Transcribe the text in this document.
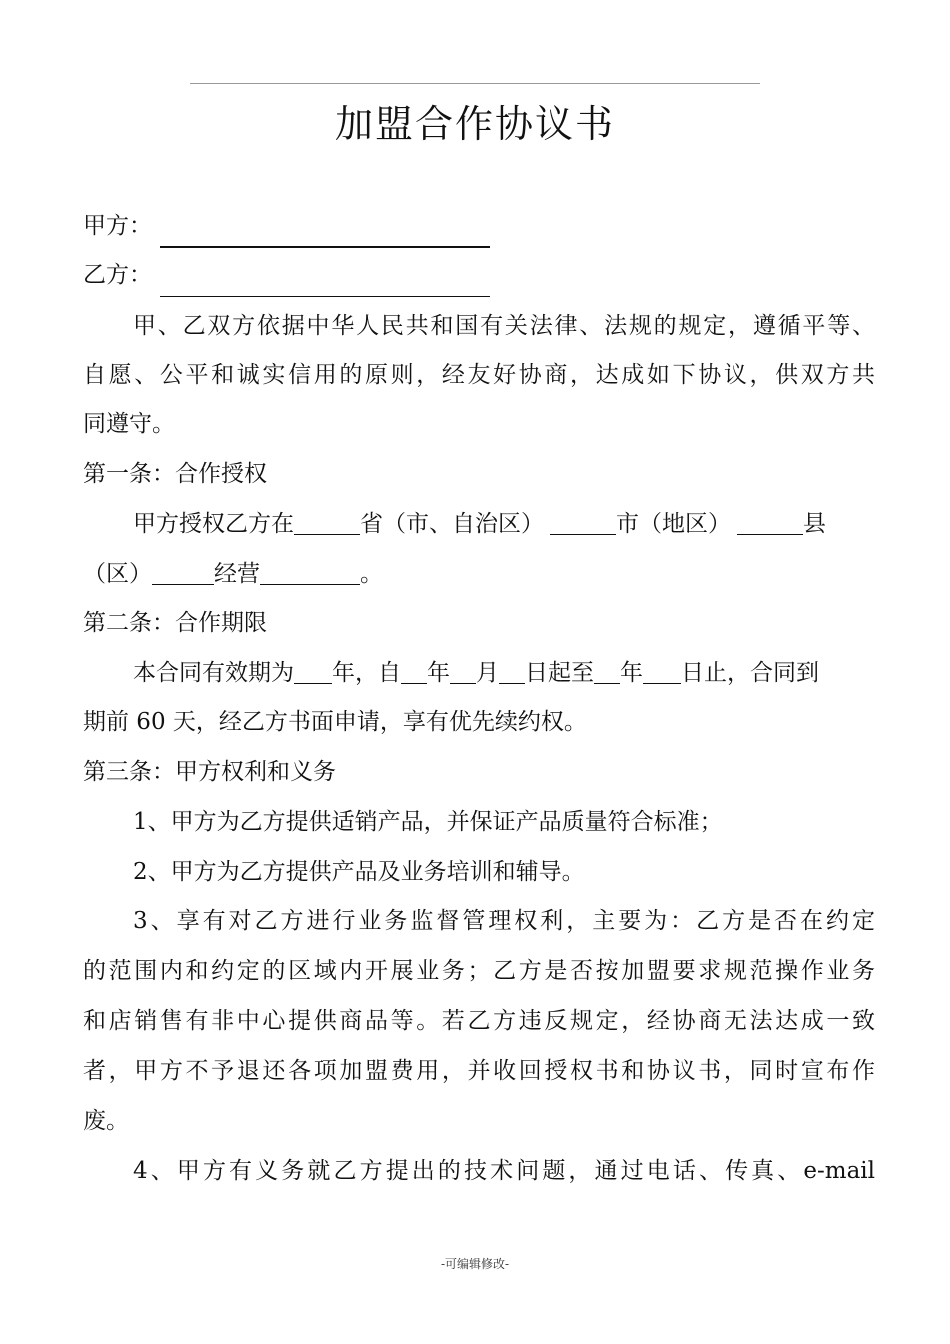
加盟合作协议书
甲方：
乙方：
甲、乙双方依据中华人民共和国有关法律、法规的规定，遵循平等、
自愿、公平和诚实信用的原则，经友好协商，达成如下协议，供双方共
同遵守。
第一条：合作授权
甲方授权乙方在	省（市、自治区）	市（地区）	县
（区）	经营	。
第二条：合作期限
本合同有效期为 年，自 年 月 日起至 年 日止，合同到
期前 60 天，经乙方书面申请，享有优先续约权。
第三条：甲方权利和义务
1、甲方为乙方提供适销产品，并保证产品质量符合标准；
2、甲方为乙方提供产品及业务培训和辅导。
3、享有对乙方进行业务监督管理权利，主要为：乙方是否在约定
的范围内和约定的区域内开展业务；乙方是否按加盟要求规范操作业务
和店销售有非中心提供商品等。若乙方违反规定，经协商无法达成一致
者，甲方不予退还各项加盟费用，并收回授权书和协议书，同时宣布作
废。
4、甲方有义务就乙方提出的技术问题，通过电话、传真、e-mail
-可编辑修改-
